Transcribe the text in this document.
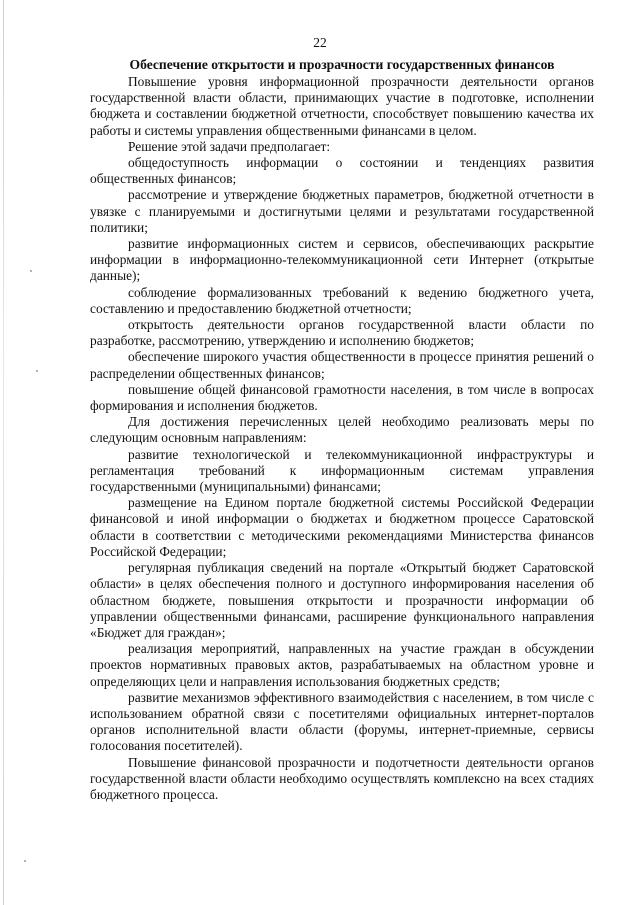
22
Обеспечение открытости и прозрачности государственных финансов

Повышение уровня информационной прозрачности деятельности органов государственной власти области, принимающих участие в подготовке, исполнении бюджета и составлении бюджетной отчетности, способствует повышению качества их работы и системы управления общественными финансами в целом.

Решение этой задачи предполагает:

общедоступность информации о состоянии и тенденциях развития общественных финансов;

рассмотрение и утверждение бюджетных параметров, бюджетной отчетности в увязке с планируемыми и достигнутыми целями и результатами государственной политики;

развитие информационных систем и сервисов, обеспечивающих раскрытие информации в информационно-телекоммуникационной сети Интернет (открытые данные);

соблюдение формализованных требований к ведению бюджетного учета, составлению и предоставлению бюджетной отчетности;

открытость деятельности органов государственной власти области по разработке, рассмотрению, утверждению и исполнению бюджетов;

обеспечение широкого участия общественности в процессе принятия решений о распределении общественных финансов;

повышение общей финансовой грамотности населения, в том числе в вопросах формирования и исполнения бюджетов.

Для достижения перечисленных целей необходимо реализовать меры по следующим основным направлениям:

развитие технологической и телекоммуникационной инфраструктуры и регламентация требований к информационным системам управления государственными (муниципальными) финансами;

размещение на Едином портале бюджетной системы Российской Федерации финансовой и иной информации о бюджетах и бюджетном процессе Саратовской области в соответствии с методическими рекомендациями Министерства финансов Российской Федерации;

регулярная публикация сведений на портале «Открытый бюджет Саратовской области» в целях обеспечения полного и доступного информирования населения об областном бюджете, повышения открытости и прозрачности информации об управлении общественными финансами, расширение функционального направления «Бюджет для граждан»;

реализация мероприятий, направленных на участие граждан в обсуждении проектов нормативных правовых актов, разрабатываемых на областном уровне и определяющих цели и направления использования бюджетных средств;

развитие механизмов эффективного взаимодействия с населением, в том числе с использованием обратной связи с посетителями официальных интернет-порталов органов исполнительной власти области (форумы, интернет-приемные, сервисы голосования посетителей).

Повышение финансовой прозрачности и подотчетности деятельности органов государственной власти области необходимо осуществлять комплексно на всех стадиях бюджетного процесса.
